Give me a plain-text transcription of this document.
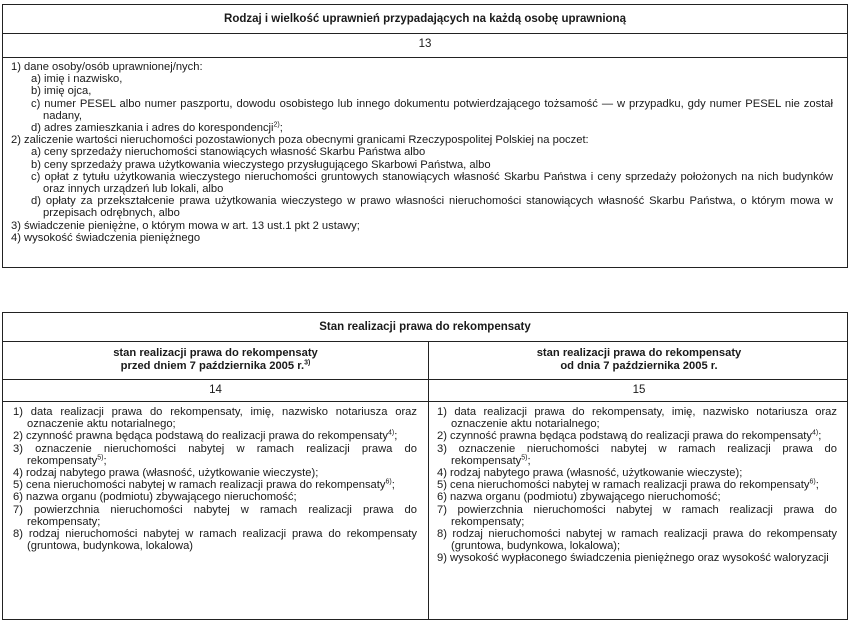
Rodzaj i wielkość uprawnień przypadających na każdą osobę uprawnioną
13
1) dane osoby/osób uprawnionej/nych:
a) imię i nazwisko,
b) imię ojca,
c) numer PESEL albo numer paszportu, dowodu osobistego lub innego dokumentu potwierdzającego tożsamość — w przypadku, gdy numer PESEL nie został nadany,
d) adres zamieszkania i adres do korespondencji$^{2)}$;
2) zaliczenie wartości nieruchomości pozostawionych poza obecnymi granicami Rzeczypospolitej Polskiej na poczet:
a) ceny sprzedaży nieruchomości stanowiących własność Skarbu Państwa albo
b) ceny sprzedaży prawa użytkowania wieczystego przysługującego Skarbowi Państwa, albo
c) opłat z tytułu użytkowania wieczystego nieruchomości gruntowych stanowiących własność Skarbu Państwa i ceny sprzedaży położonych na nich budynków oraz innych urządzeń lub lokali, albo
d) opłaty za przekształcenie prawa użytkowania wieczystego w prawo własności nieruchomości stanowiących własność Skarbu Państwa, o którym mowa w przepisach odrębnych, albo
3) świadczenie pieniężne, o którym mowa w art. 13 ust.1 pkt 2 ustawy;
4) wysokość świadczenia pieniężnego
Stan realizacji prawa do rekompensaty
stan realizacji prawa do rekompensaty
przed dniem 7 października 2005 r.$^{3)}$
stan realizacji prawa do rekompensaty
od dnia 7 października 2005 r.
14	15
1) data realizacji prawa do rekompensaty, imię, nazwisko notariusza oraz oznaczenie aktu notarialnego;
2) czynność prawna będąca podstawą do realizacji prawa do rekompensaty$^{4)}$;
3) oznaczenie nieruchomości nabytej w ramach realizacji prawa do rekompensaty$^{5)}$;
4) rodzaj nabytego prawa (własność, użytkowanie wieczyste);
5) cena nieruchomości nabytej w ramach realizacji prawa do rekompensaty$^{6)}$;
6) nazwa organu (podmiotu) zbywającego nieruchomość;
7) powierzchnia nieruchomości nabytej w ramach realizacji prawa do rekompensaty;
8) rodzaj nieruchomości nabytej w ramach realizacji prawa do rekompensaty (gruntowa, budynkowa, lokalowa)
1) data realizacji prawa do rekompensaty, imię, nazwisko notariusza oraz oznaczenie aktu notarialnego;
2) czynność prawna będąca podstawą do realizacji prawa do rekompensaty$^{4)}$;
3) oznaczenie nieruchomości nabytej w ramach realizacji prawa do rekompensaty$^{5)}$;
4) rodzaj nabytego prawa (własność, użytkowanie wieczyste);
5) cena nieruchomości nabytej w ramach realizacji prawa do rekompensaty$^{6)}$;
6) nazwa organu (podmiotu) zbywającego nieruchomość;
7) powierzchnia nieruchomości nabytej w ramach realizacji prawa do rekompensaty;
8) rodzaj nieruchomości nabytej w ramach realizacji prawa do rekompensaty (gruntowa, budynkowa, lokalowa);
9) wysokość wypłaconego świadczenia pieniężnego oraz wysokość waloryzacji
